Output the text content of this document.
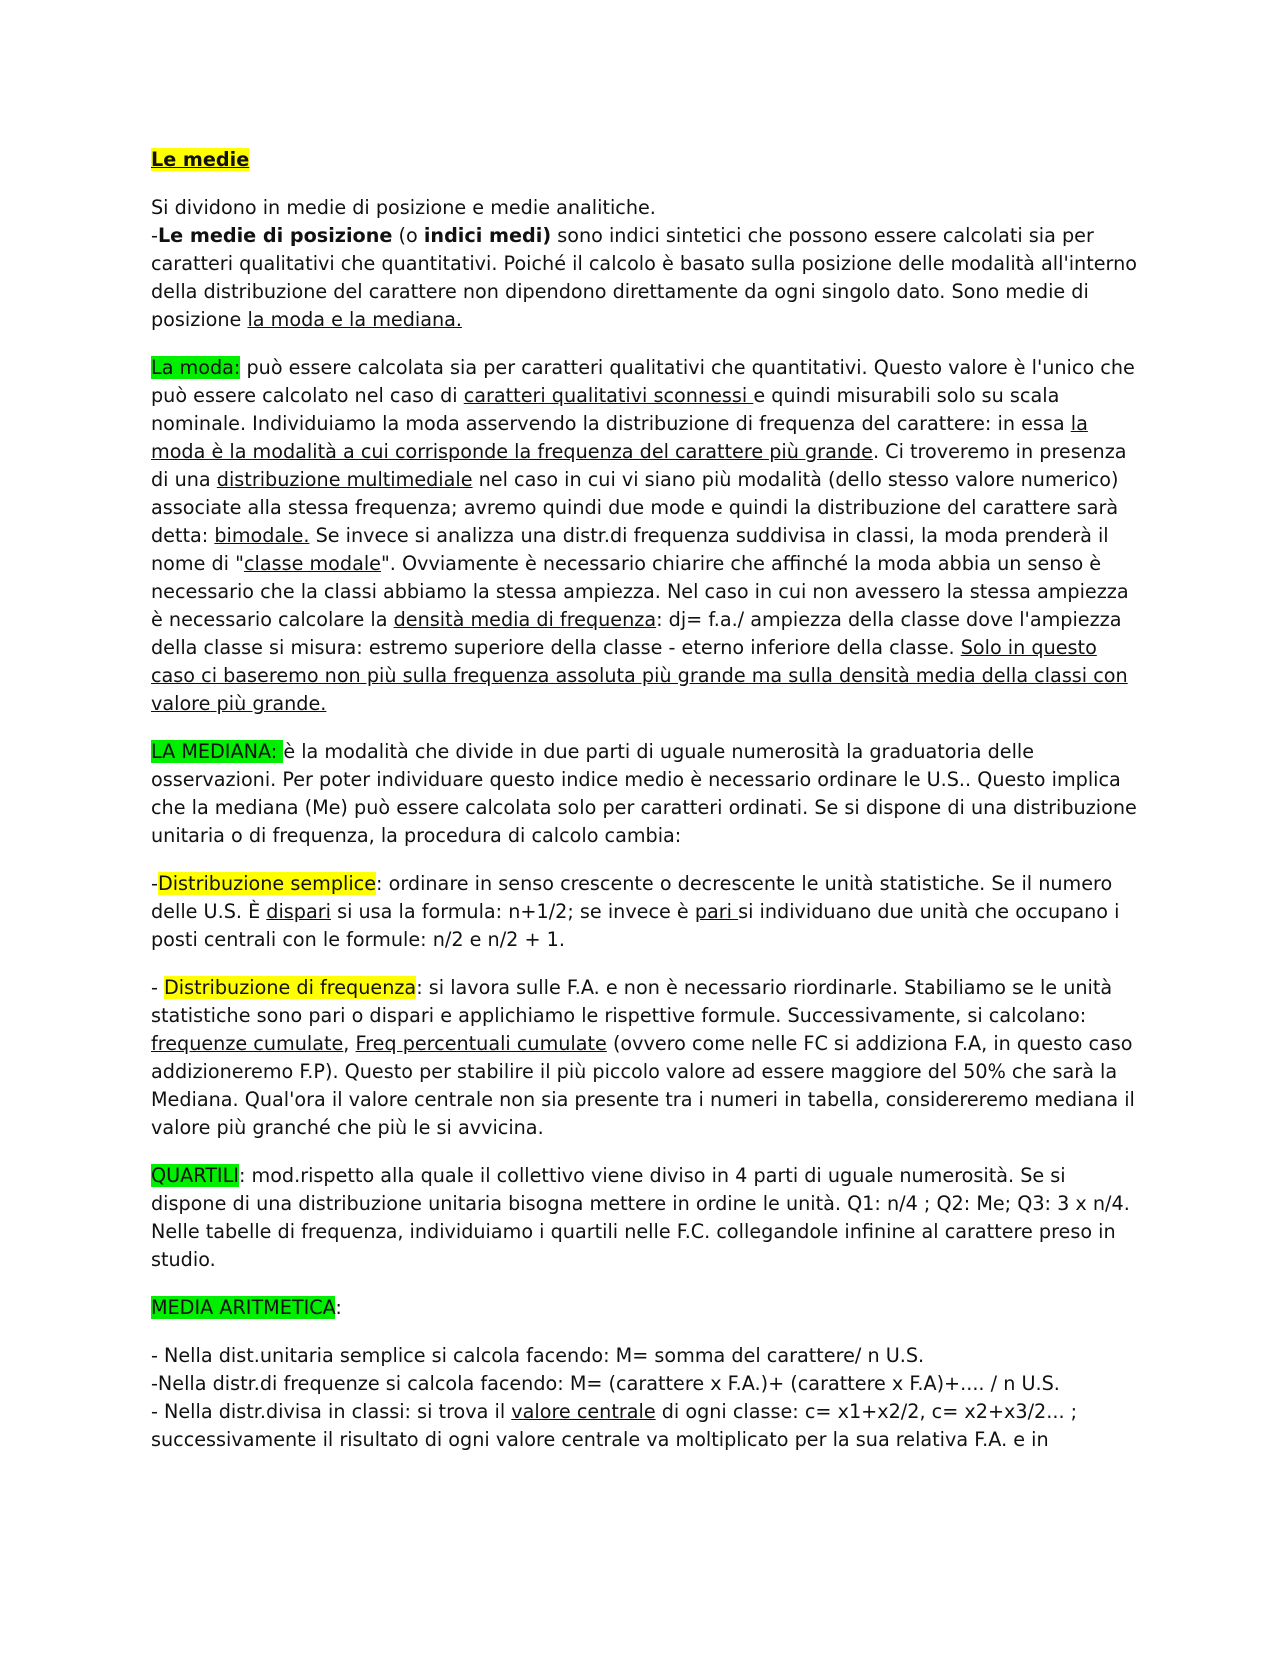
Le medie

Si dividono in medie di posizione e medie analitiche.
-Le medie di posizione (o indici medi) sono indici sintetici che possono essere calcolati sia per caratteri qualitativi che quantitativi. Poiché il calcolo è basato sulla posizione delle modalità all'interno della distribuzione del carattere non dipendono direttamente da ogni singolo dato. Sono medie di posizione la moda e la mediana.

La moda: può essere calcolata sia per caratteri qualitativi che quantitativi. Questo valore è l'unico che può essere calcolato nel caso di caratteri qualitativi sconnessi e quindi misurabili solo su scala nominale. Individuiamo la moda asservendo la distribuzione di frequenza del carattere: in essa la moda è la modalità a cui corrisponde la frequenza del carattere più grande. Ci troveremo in presenza di una distribuzione multimediale nel caso in cui vi siano più modalità (dello stesso valore numerico) associate alla stessa frequenza; avremo quindi due mode e quindi la distribuzione del carattere sarà detta: bimodale. Se invece si analizza una distr.di frequenza suddivisa in classi, la moda prenderà il nome di "classe modale". Ovviamente è necessario chiarire che affinché la moda abbia un senso è necessario che la classi abbiamo la stessa ampiezza. Nel caso in cui non avessero la stessa ampiezza è necessario calcolare la densità media di frequenza: dj= f.a./ ampiezza della classe dove l'ampiezza della classe si misura: estremo superiore della classe - eterno inferiore della classe. Solo in questo caso ci baseremo non più sulla frequenza assoluta più grande ma sulla densità media della classi con valore più grande.

LA MEDIANA: è la modalità che divide in due parti di uguale numerosità la graduatoria delle osservazioni. Per poter individuare questo indice medio è necessario ordinare le U.S.. Questo implica che la mediana (Me) può essere calcolata solo per caratteri ordinati. Se si dispone di una distribuzione unitaria o di frequenza, la procedura di calcolo cambia:

-Distribuzione semplice: ordinare in senso crescente o decrescente le unità statistiche. Se il numero delle U.S. È dispari si usa la formula: n+1/2; se invece è pari si individuano due unità che occupano i posti centrali con le formule: n/2 e n/2 + 1.

- Distribuzione di frequenza: si lavora sulle F.A. e non è necessario riordinarle. Stabiliamo se le unità statistiche sono pari o dispari e applichiamo le rispettive formule. Successivamente, si calcolano: frequenze cumulate, Freq percentuali cumulate (ovvero come nelle FC si addiziona F.A, in questo caso addizioneremo F.P). Questo per stabilire il più piccolo valore ad essere maggiore del 50% che sarà la Mediana. Qual'ora il valore centrale non sia presente tra i numeri in tabella, considereremo mediana il valore più granché che più le si avvicina.

QUARTILI: mod.rispetto alla quale il collettivo viene diviso in 4 parti di uguale numerosità. Se si dispone di una distribuzione unitaria bisogna mettere in ordine le unità. Q1: n/4 ; Q2: Me; Q3: 3 x n/4. Nelle tabelle di frequenza, individuiamo i quartili nelle F.C. collegandole infinine al carattere preso in studio.

MEDIA ARITMETICA:

- Nella dist.unitaria semplice si calcola facendo: M= somma del carattere/ n U.S.
-Nella distr.di frequenze si calcola facendo: M= (carattere x F.A.)+ (carattere x F.A)+.... / n U.S.
- Nella distr.divisa in classi: si trova il valore centrale di ogni classe: c= x1+x2/2, c= x2+x3/2... ; successivamente il risultato di ogni valore centrale va moltiplicato per la sua relativa F.A. e in
